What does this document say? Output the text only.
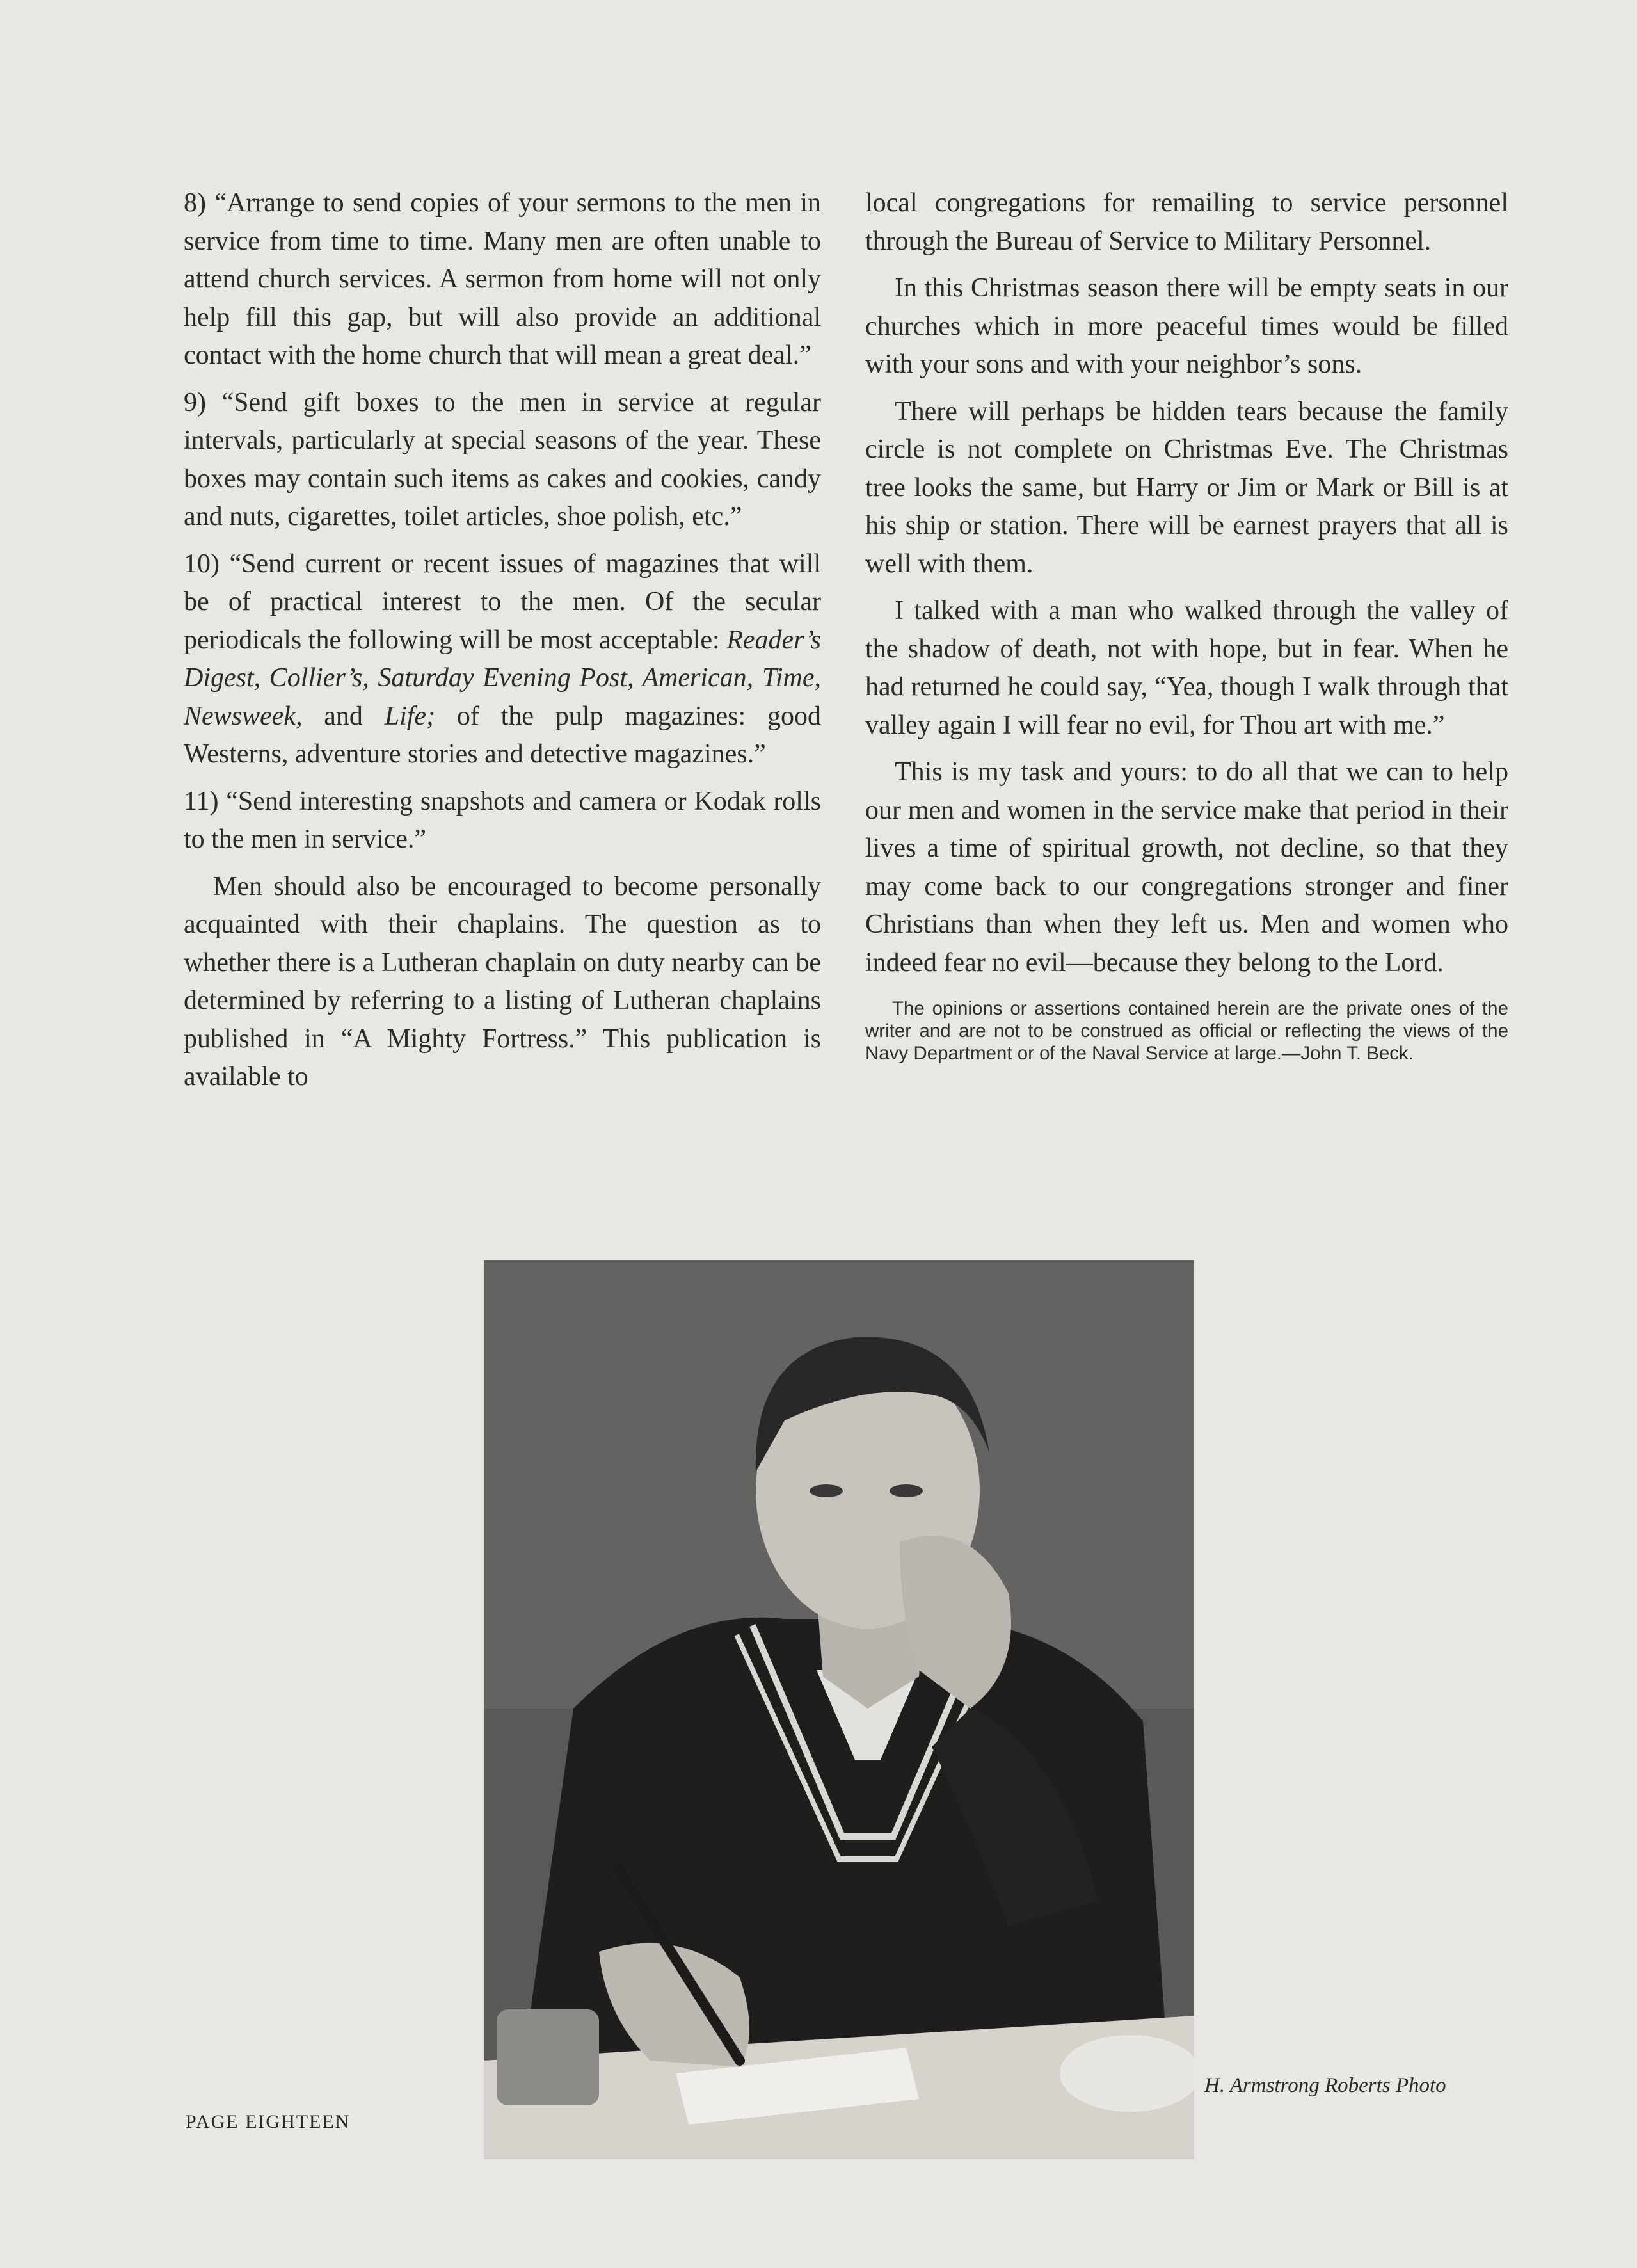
8) “Arrange to send copies of your sermons to the men in service from time to time. Many men are often unable to attend church services. A sermon from home will not only help fill this gap, but will also provide an additional contact with the home church that will mean a great deal.”

9) “Send gift boxes to the men in service at regular intervals, particularly at special seasons of the year. These boxes may contain such items as cakes and cookies, candy and nuts, cigarettes, toilet articles, shoe polish, etc.”

10) “Send current or recent issues of magazines that will be of practical interest to the men. Of the secular periodicals the following will be most acceptable: Reader’s Digest, Collier’s, Saturday Evening Post, American, Time, Newsweek, and Life; of the pulp magazines: good Westerns, adventure stories and detective magazines.”

11) “Send interesting snapshots and camera or Kodak rolls to the men in service.”

Men should also be encouraged to become personally acquainted with their chaplains. The question as to whether there is a Lutheran chaplain on duty nearby can be determined by referring to a listing of Lutheran chaplains published in “A Mighty Fortress.” This publication is available to

local congregations for remailing to service personnel through the Bureau of Service to Military Personnel.

In this Christmas season there will be empty seats in our churches which in more peaceful times would be filled with your sons and with your neighbor’s sons.

There will perhaps be hidden tears because the family circle is not complete on Christmas Eve. The Christmas tree looks the same, but Harry or Jim or Mark or Bill is at his ship or station. There will be earnest prayers that all is well with them.

I talked with a man who walked through the valley of the shadow of death, not with hope, but in fear. When he had returned he could say, “Yea, though I walk through that valley again I will fear no evil, for Thou art with me.”

This is my task and yours: to do all that we can to help our men and women in the service make that period in their lives a time of spiritual growth, not decline, so that they may come back to our congregations stronger and finer Christians than when they left us. Men and women who indeed fear no evil—because they belong to the Lord.

The opinions or assertions contained herein are the private ones of the writer and are not to be construed as official or reflecting the views of the Navy Department or of the Naval Service at large.—John T. Beck.
H. Armstrong Roberts Photo
PAGE EIGHTEEN
